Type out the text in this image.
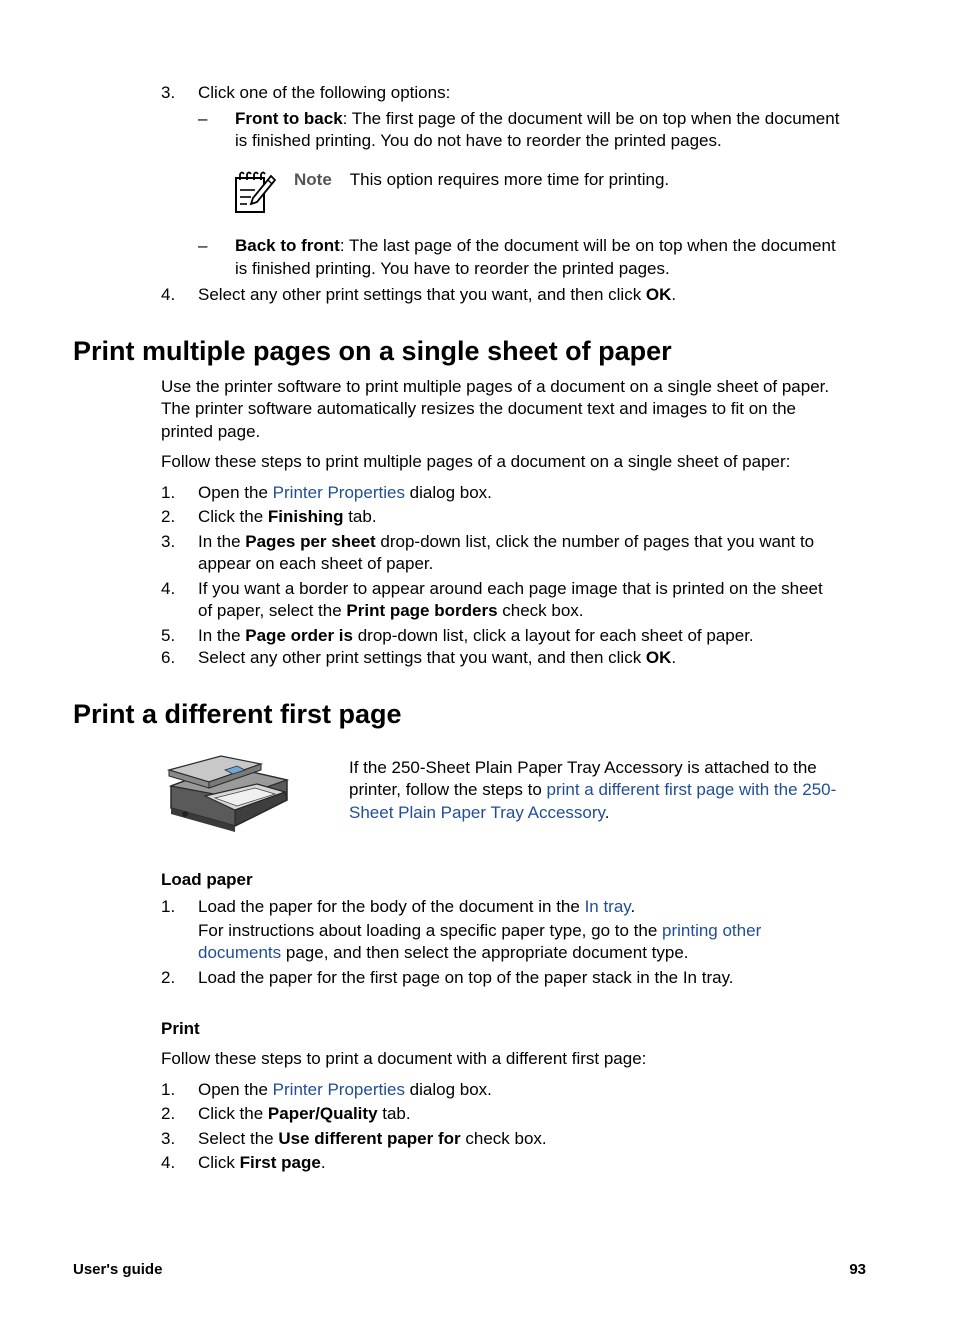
3.	Click one of the following options:
– Front to back: The first page of the document will be on top when the document
is finished printing. You do not have to reorder the printed pages.
Note This option requires more time for printing.
– Back to front: The last page of the document will be on top when the document
is finished printing. You have to reorder the printed pages.
4.	Select any other print settings that you want, and then click OK.
Print multiple pages on a single sheet of paper
Use the printer software to print multiple pages of a document on a single sheet of paper.
The printer software automatically resizes the document text and images to fit on the
printed page.
Follow these steps to print multiple pages of a document on a single sheet of paper:
1.	Open the Printer Properties dialog box.
2.	Click the Finishing tab.
3.	In the Pages per sheet drop-down list, click the number of pages that you want to
appear on each sheet of paper.
4.	If you want a border to appear around each page image that is printed on the sheet
of paper, select the Print page borders check box.
5.	In the Page order is drop-down list, click a layout for each sheet of paper.
6.	Select any other print settings that you want, and then click OK.
Print a different first page
If the 250-Sheet Plain Paper Tray Accessory is attached to the
printer, follow the steps to print a different first page with the 250-
Sheet Plain Paper Tray Accessory.
Load paper
1.	Load the paper for the body of the document in the In tray.
For instructions about loading a specific paper type, go to the printing other
documents page, and then select the appropriate document type.
2.	Load the paper for the first page on top of the paper stack in the In tray.
Print
Follow these steps to print a document with a different first page:
1.	Open the Printer Properties dialog box.
2.	Click the Paper/Quality tab.
3.	Select the Use different paper for check box.
4.	Click First page.
User's guide	93
